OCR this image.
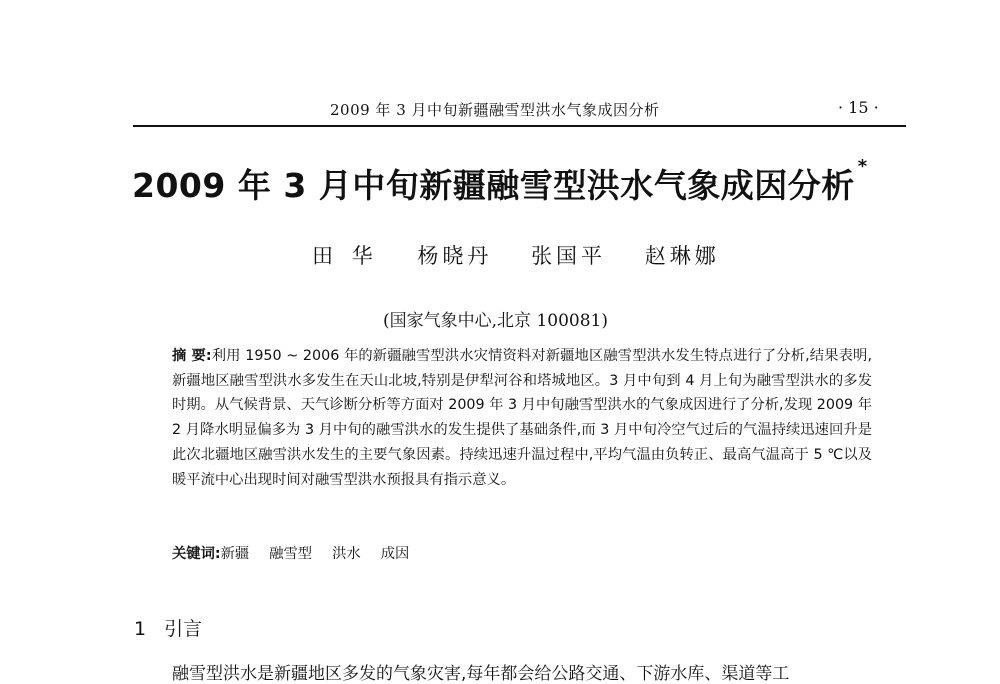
2009 年 3 月中旬新疆融雪型洪水气象成因分析	· 15 ·
2009 年 3 月中旬新疆融雪型洪水气象成因分析 *
田 华 杨晓丹 张国平 赵琳娜
(国家气象中心,北京 100081)
摘 要:利用 1950 ~ 2006 年的新疆融雪型洪水灾情资料对新疆地区融雪型洪水发生特点进行了分析,结果表明,新疆地区融雪型洪水多发生在天山北坡,特别是伊犁河谷和塔城地区。3 月中旬到 4 月上旬为融雪型洪水的多发时期。从气候背景、天气诊断分析等方面对 2009 年 3 月中旬融雪型洪水的气象成因进行了分析,发现 2009 年 2 月降水明显偏多为 3 月中旬的融雪洪水的发生提供了基础条件,而 3 月中旬冷空气过后的气温持续迅速回升是此次北疆地区融雪洪水发生的主要气象因素。持续迅速升温过程中,平均气温由负转正、最高气温高于 5 ℃以及暖平流中心出现时间对融雪型洪水预报具有指示意义。
关键词:新疆 融雪型 洪水 成因
1 引言
融雪型洪水是新疆地区多发的气象灾害,每年都会给公路交通、下游水库、渠道等工
